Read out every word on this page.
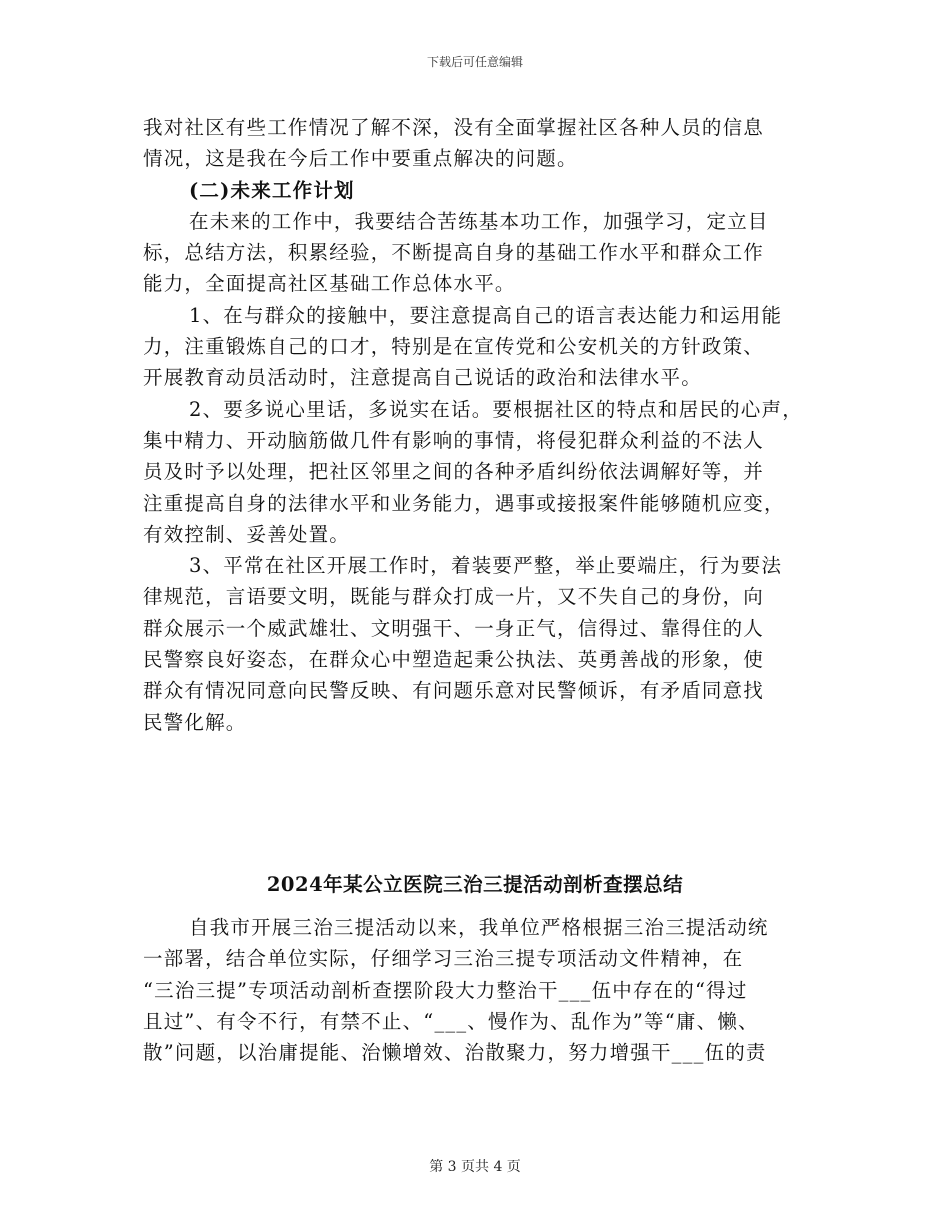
下载后可任意编辑
我对社区有些工作情况了解不深，没有全面掌握社区各种人员的信息
情况，这是我在今后工作中要重点解决的问题。
(二)未来工作计划
在未来的工作中，我要结合苦练基本功工作，加强学习，定立目
标，总结方法，积累经验，不断提高自身的基础工作水平和群众工作
能力，全面提高社区基础工作总体水平。
1、在与群众的接触中，要注意提高自己的语言表达能力和运用能
力，注重锻炼自己的口才，特别是在宣传党和公安机关的方针政策、
开展教育动员活动时，注意提高自己说话的政治和法律水平。
2、要多说心里话，多说实在话。要根据社区的特点和居民的心声，
集中精力、开动脑筋做几件有影响的事情，将侵犯群众利益的不法人
员及时予以处理，把社区邻里之间的各种矛盾纠纷依法调解好等，并
注重提高自身的法律水平和业务能力，遇事或接报案件能够随机应变，
有效控制、妥善处置。
3、平常在社区开展工作时，着装要严整，举止要端庄，行为要法
律规范，言语要文明，既能与群众打成一片，又不失自己的身份，向
群众展示一个威武雄壮、文明强干、一身正气，信得过、靠得住的人
民警察良好姿态，在群众心中塑造起秉公执法、英勇善战的形象，使
群众有情况同意向民警反映、有问题乐意对民警倾诉，有矛盾同意找
民警化解。
2024年某公立医院三治三提活动剖析查摆总结
自我市开展三治三提活动以来，我单位严格根据三治三提活动统
一部署，结合单位实际，仔细学习三治三提专项活动文件精神，在
“三治三提”专项活动剖析查摆阶段大力整治干___伍中存在的“得过
且过”、有令不行，有禁不止、“___、慢作为、乱作为”等“庸、懒、
散”问题，以治庸提能、治懒增效、治散聚力，努力增强干___伍的责
第 3 页共 4 页
